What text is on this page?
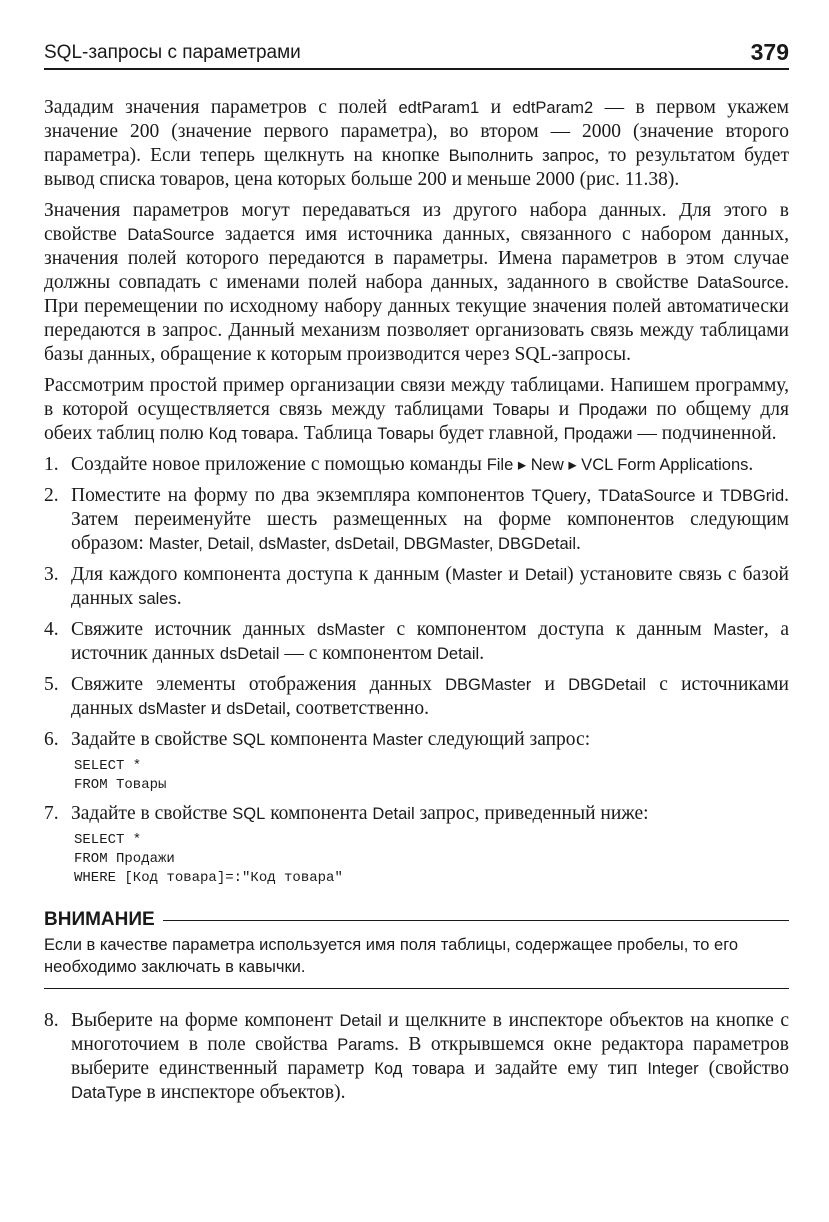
SQL-запросы с параметрами	379

Зададим значения параметров с полей edtParam1 и edtParam2 — в первом укажем значение 200 (значение первого параметра), во втором — 2000 (значение второго параметра). Если теперь щелкнуть на кнопке Выполнить запрос, то результатом будет вывод списка товаров, цена которых больше 200 и меньше 2000 (рис. 11.38).

Значения параметров могут передаваться из другого набора данных. Для этого в свойстве DataSource задается имя источника данных, связанного с набором данных, значения полей которого передаются в параметры. Имена параметров в этом случае должны совпадать с именами полей набора данных, заданного в свойстве DataSource. При перемещении по исходному набору данных текущие значения полей автоматически передаются в запрос. Данный механизм позволяет организовать связь между таблицами базы данных, обращение к которым производится через SQL-запросы.

Рассмотрим простой пример организации связи между таблицами. Напишем программу, в которой осуществляется связь между таблицами Товары и Продажи по общему для обеих таблиц полю Код товара. Таблица Товары будет главной, Продажи — подчиненной.

1. Создайте новое приложение с помощью команды File ▸ New ▸ VCL Form Applications.
2. Поместите на форму по два экземпляра компонентов TQuery, TDataSource и TDBGrid. Затем переименуйте шесть размещенных на форме компонентов следующим образом: Master, Detail, dsMaster, dsDetail, DBGMaster, DBGDetail.
3. Для каждого компонента доступа к данным (Master и Detail) установите связь с базой данных sales.
4. Свяжите источник данных dsMaster с компонентом доступа к данным Master, а источник данных dsDetail — с компонентом Detail.
5. Свяжите элементы отображения данных DBGMaster и DBGDetail с источниками данных dsMaster и dsDetail, соответственно.
6. Задайте в свойстве SQL компонента Master следующий запрос:
SELECT *
FROM Товары
7. Задайте в свойстве SQL компонента Detail запрос, приведенный ниже:
SELECT *
FROM Продажи
WHERE [Код товара]=:"Код товара"
ВНИМАНИЕ
Если в качестве параметра используется имя поля таблицы, содержащее пробелы, то его необходимо заключать в кавычки.
8. Выберите на форме компонент Detail и щелкните в инспекторе объектов на кнопке с многоточием в поле свойства Params. В открывшемся окне редактора параметров выберите единственный параметр Код товара и задайте ему тип Integer (свойство DataType в инспекторе объектов).
